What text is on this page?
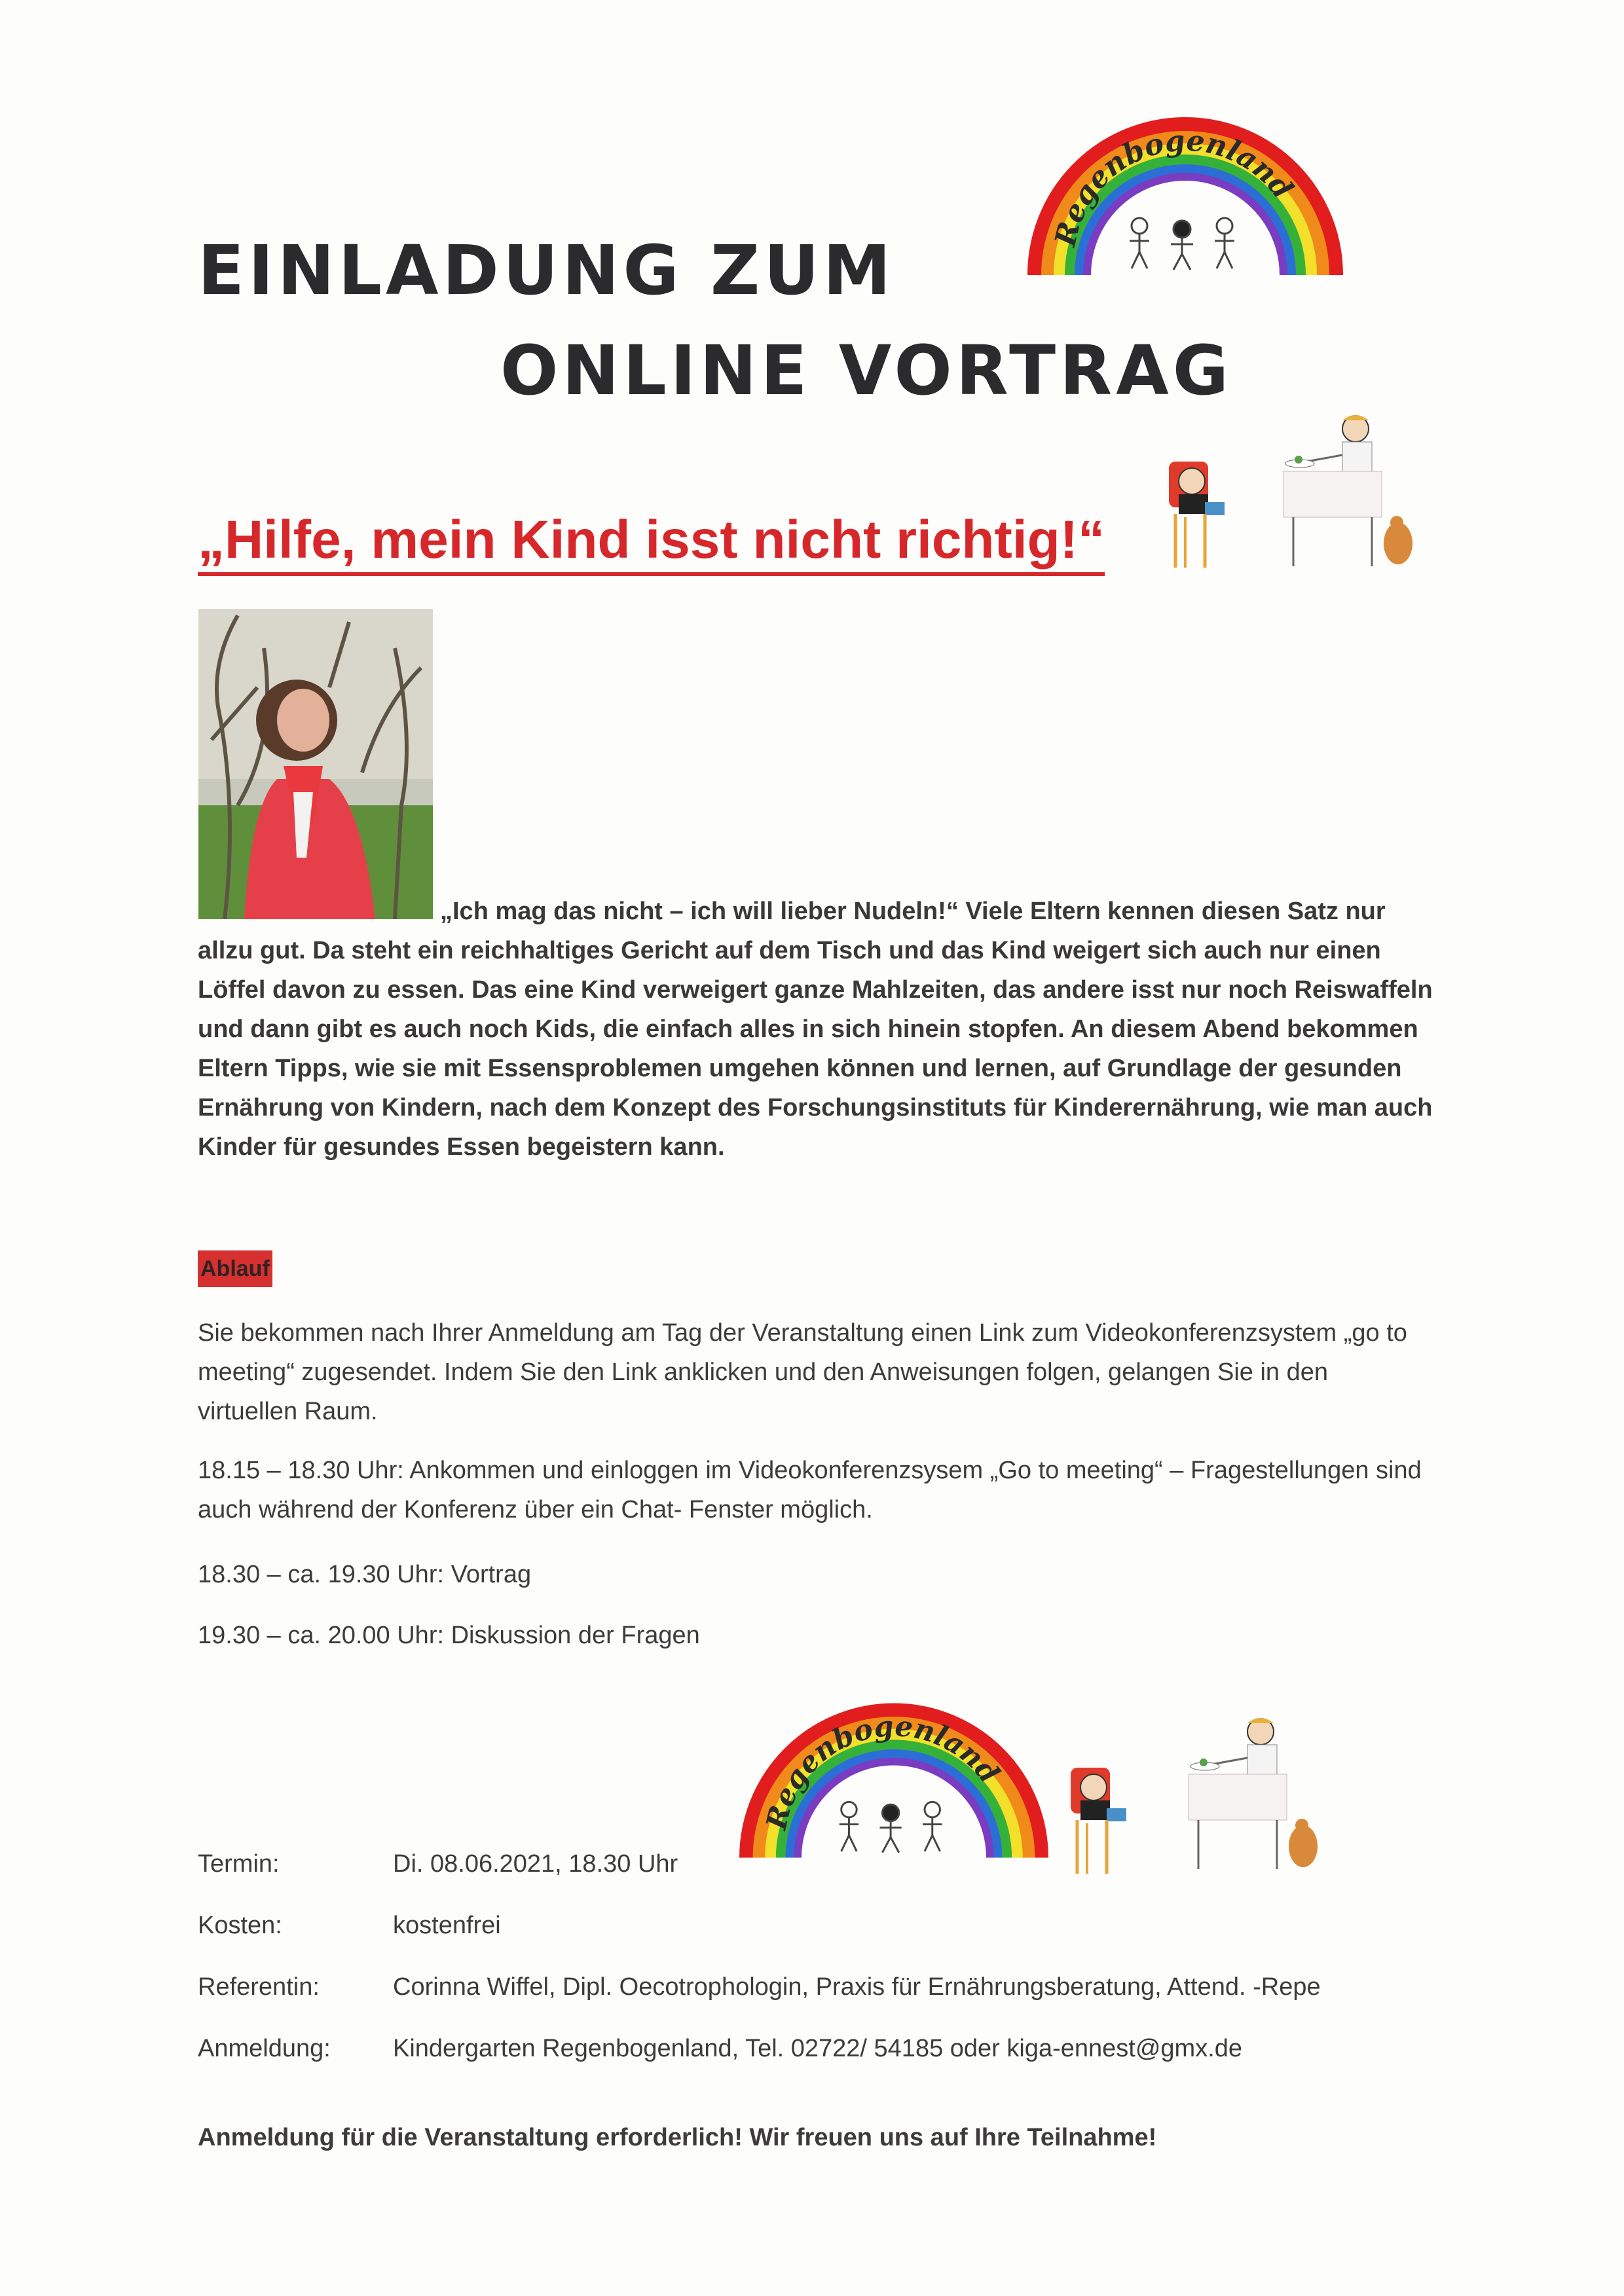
EINLADUNG ZUM
ONLINE VORTRAG
Regenbogenland
„Hilfe, mein Kind isst nicht richtig!“
„Ich mag das nicht – ich will lieber Nudeln!“ Viele Eltern kennen diesen Satz nur allzu gut. Da steht ein reichhaltiges Gericht auf dem Tisch und das Kind weigert sich auch nur einen Löffel davon zu essen. Das eine Kind verweigert ganze Mahlzeiten, das andere isst nur noch Reiswaffeln und dann gibt es auch noch Kids, die einfach alles in sich hinein stopfen. An diesem Abend bekommen Eltern Tipps, wie sie mit Essensproblemen umgehen können und lernen, auf Grundlage der gesunden Ernährung von Kindern, nach dem Konzept des Forschungsinstituts für Kinderernährung, wie man auch Kinder für gesundes Essen begeistern kann.
Ablauf
Sie bekommen nach Ihrer Anmeldung am Tag der Veranstaltung einen Link zum Videokonferenzsystem „go to meeting“ zugesendet. Indem Sie den Link anklicken und den Anweisungen folgen, gelangen Sie in den virtuellen Raum.
18.15 – 18.30 Uhr: Ankommen und einloggen im Videokonferenzsysem „Go to meeting“ – Fragestellungen sind auch während der Konferenz über ein Chat- Fenster möglich.
18.30 – ca. 19.30 Uhr: Vortrag
19.30 – ca. 20.00 Uhr: Diskussion der Fragen
Regenbogenland
Termin:	Di. 08.06.2021, 18.30 Uhr
Kosten:	kostenfrei
Referentin:	Corinna Wiffel, Dipl. Oecotrophologin, Praxis für Ernährungsberatung, Attend. -Repe
Anmeldung:	Kindergarten Regenbogenland, Tel. 02722/ 54185 oder kiga-ennest@gmx.de
Anmeldung für die Veranstaltung erforderlich! Wir freuen uns auf Ihre Teilnahme!
